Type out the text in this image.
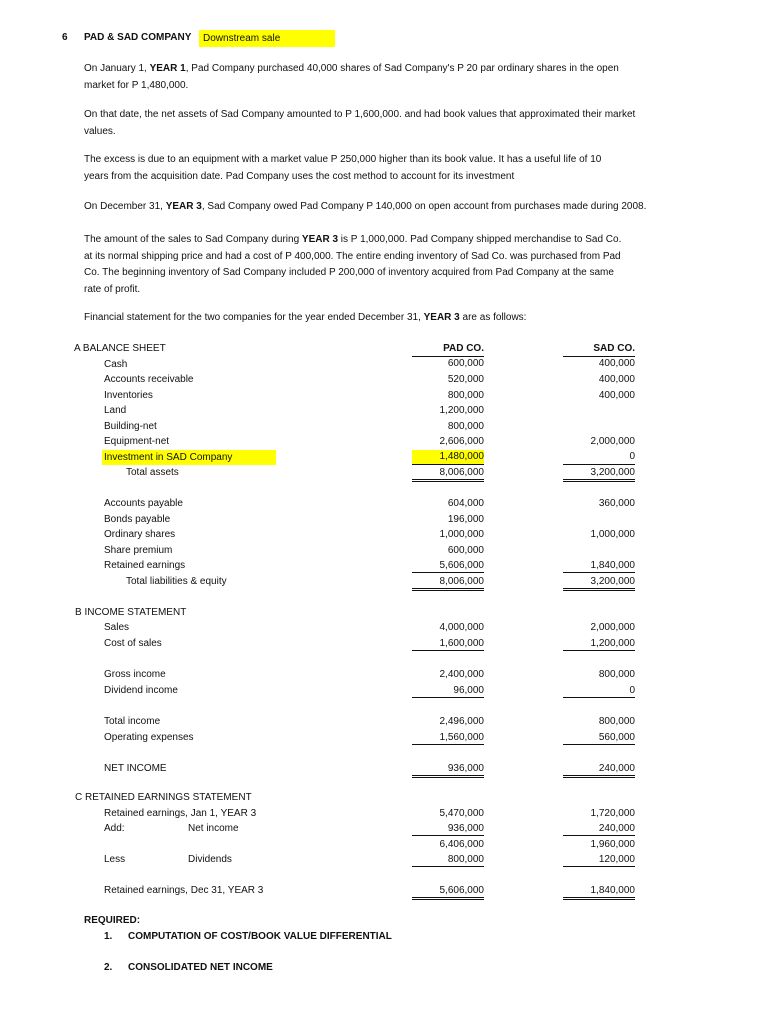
6 PAD & SAD COMPANY	Downstream sale
On January 1, YEAR 1, Pad Company purchased 40,000 shares of Sad Company's P 20 par ordinary shares in the open market for P 1,480,000.
On that date, the net assets of Sad Company amounted to P 1,600,000. and had book values that approximated their market values.
The excess is due to an equipment with a market value P 250,000 higher than its book value. It has a useful life of 10 years from the acquisition date. Pad Company uses the cost method to account for its investment
On December 31, YEAR 3, Sad Company owed Pad Company P 140,000 on open account from purchases made during 2008.
The amount of the sales to Sad Company during YEAR 3 is P 1,000,000. Pad Company shipped merchandise to Sad Co. at its normal shipping price and had a cost of P 400,000. The entire ending inventory of Sad Co. was purchased from Pad Co. The beginning inventory of Sad Company included P 200,000 of inventory acquired from Pad Company at the same rate of profit.
Financial statement for the two companies for the year ended December 31, YEAR 3 are as follows:
A BALANCE SHEET	PAD CO.	SAD CO.
Cash	600,000	400,000
Accounts receivable	520,000	400,000
Inventories	800,000	400,000
Land	1,200,000
Building-net	800,000
Equipment-net	2,606,000	2,000,000
Investment in SAD Company	1,480,000	0
Total assets	8,006,000	3,200,000
Accounts payable	604,000	360,000
Bonds payable	196,000
Ordinary shares	1,000,000	1,000,000
Share premium	600,000
Retained earnings	5,606,000	1,840,000
Total liabilities & equity	8,006,000	3,200,000
B INCOME STATEMENT
Sales	4,000,000	2,000,000
Cost of sales	1,600,000	1,200,000
Gross income	2,400,000	800,000
Dividend income	96,000	0
Total income	2,496,000	800,000
Operating expenses	1,560,000	560,000
NET INCOME	936,000	240,000
C RETAINED EARNINGS STATEMENT
Retained earnings, Jan 1, YEAR 3	5,470,000	1,720,000
Add:	Net income	936,000	240,000
6,406,000	1,960,000
Less	Dividends	800,000	120,000
Retained earnings, Dec 31, YEAR 3	5,606,000	1,840,000
REQUIRED:
1. COMPUTATION OF COST/BOOK VALUE DIFFERENTIAL
2. CONSOLIDATED NET INCOME
